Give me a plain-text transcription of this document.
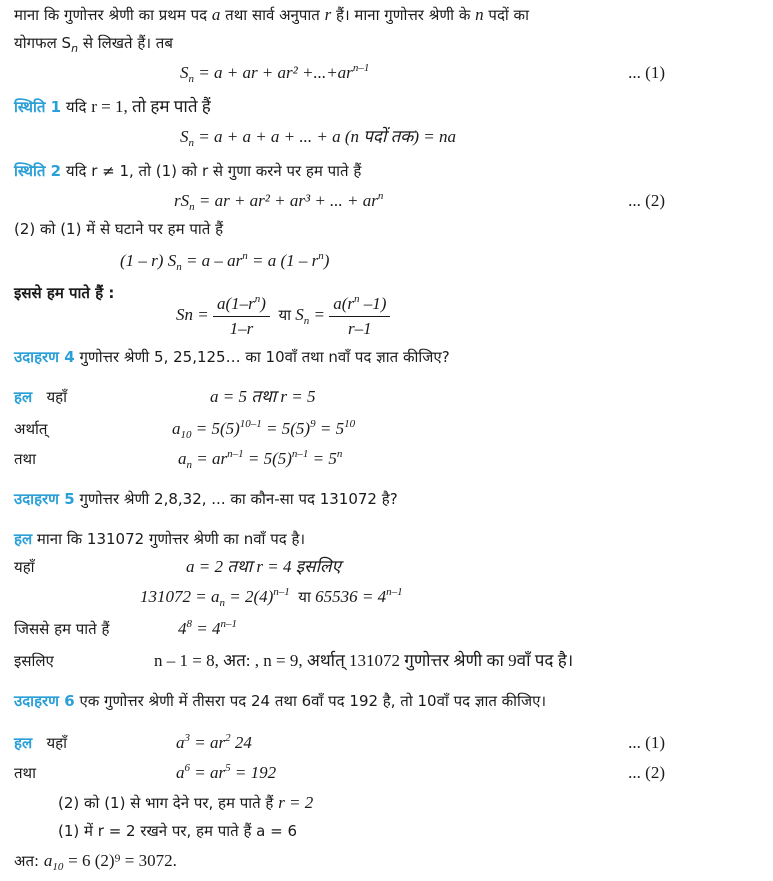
माना कि गुणोत्तर श्रेणी का प्रथम पद a तथा सार्व अनुपात r हैं। माना गुणोत्तर श्रेणी के n पदों का
योगफल $S_n$ से लिखते हैं। तब
$S_n = a$ + ar + $ar^2 +...+ar^{n-1}$	... (1)
स्थिति 1 यदि r = 1, तो हम पाते हैं
$S_n = a + a + a$ + ... + a (n पदों तक) = na
स्थिति 2 यदि r ≠ 1, तो (1) को r से गुणा करने पर हम पाते हैं
$rS_n$ = ar + ar² + ar³ + ... + $ar^n$	... (2)
(2) को (1) में से घटाने पर हम पाते हैं
(1 – r) $S_n = a - ar^n = a$ $(1 - r^n)$
इससे हम पाते हैं :
$Sn = \frac{a(1-r^n)}{1-r}$ या $S_n = \frac{a(r^n -1)}{r-1}$
उदाहरण 4 गुणोत्तर श्रेणी 5, 25,125… का 10वाँ तथा nवाँ पद ज्ञात कीजिए?
हल यहाँ	a = 5 तथा r = 5
अर्थात्	$a_{10} = 5(5)^{10-1} = 5(5)^9 = 5^{10}$
तथा	$a_n = ar^{n-1} = 5(5)^{n-1} = 5^n$
उदाहरण 5 गुणोत्तर श्रेणी 2,8,32, ... का कौन-सा पद 131072 है?
हल माना कि 131072 गुणोत्तर श्रेणी का nवाँ पद है।
यहाँ	a = 2 तथा r = 4 इसलिए
$131072 = a_n = 2(4)^{n-1}$ या $65536 = 4^{n-1}$
जिससे हम पाते हैं	$4^8 = 4^{n-1}$
इसलिए	n – 1 = 8, अत: , n = 9, अर्थात् 131072 गुणोत्तर श्रेणी का 9वाँ पद है।
उदाहरण 6 एक गुणोत्तर श्रेणी में तीसरा पद 24 तथा 6वाँ पद 192 है, तो 10वाँ पद ज्ञात कीजिए।
हल यहाँ	$a^3 = ar^2$ 24	... (1)
तथा	$a^6 = ar^5 = 192$	... (2)
(2) को (1) से भाग देने पर, हम पाते हैं r = 2
(1) में r = 2 रखने पर, हम पाते हैं a = 6
अत: $a_{10} = 6$ (2)⁹ = 3072.
